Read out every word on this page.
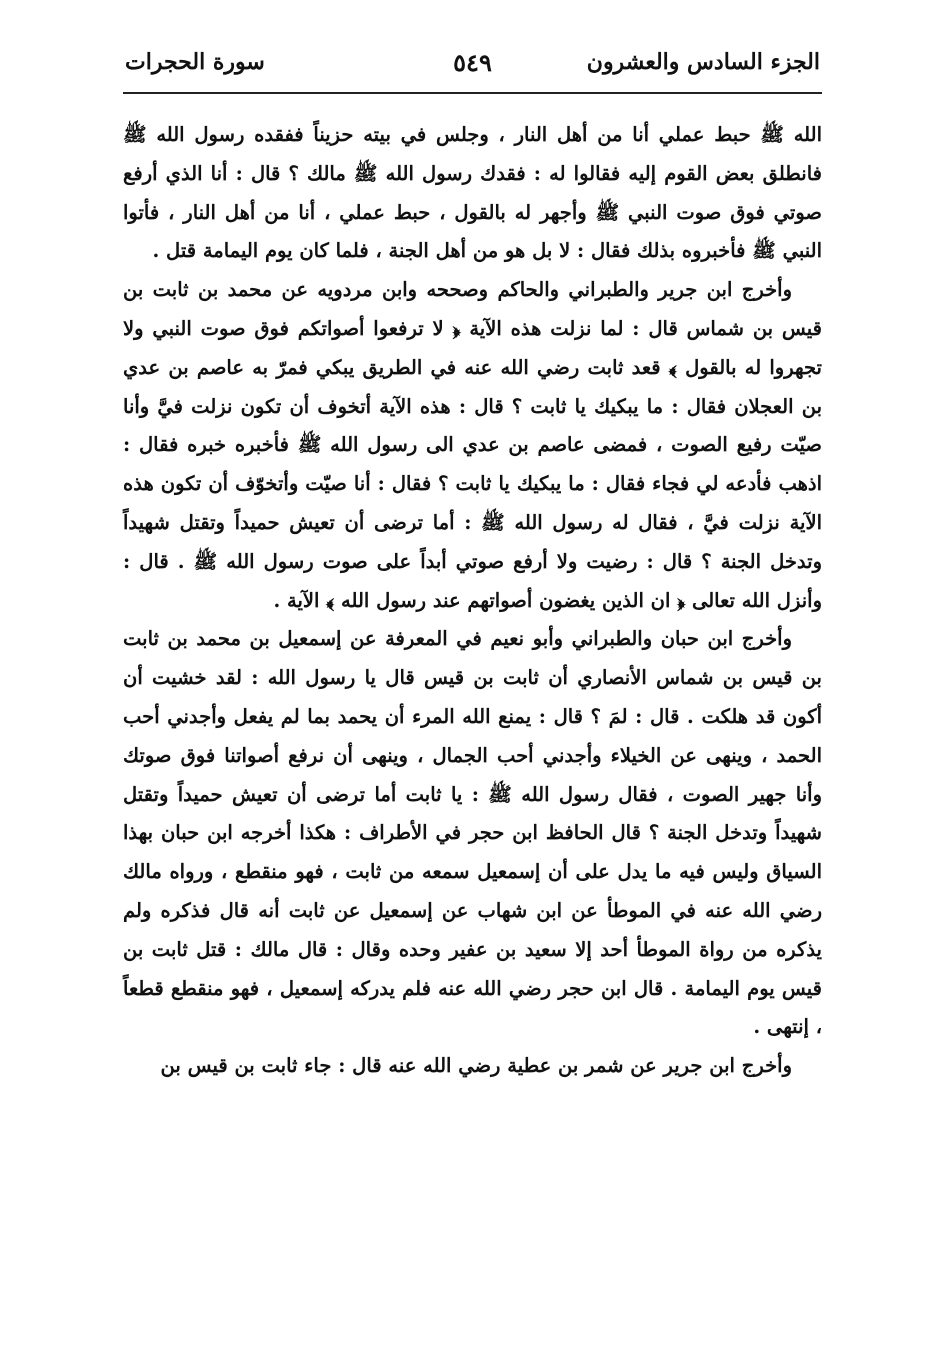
الجزء السادس والعشرون
٥٤٩
سورة الحجرات

الله ﷺ حبط عملي أنا من أهل النار ، وجلس في بيته حزيناً ففقده رسول الله ﷺ فانطلق بعض القوم إليه فقالوا له : فقدك رسول الله ﷺ مالك ؟ قال : أنا الذي أرفع صوتي فوق صوت النبي ﷺ وأجهر له بالقول ، حبط عملي ، أنا من أهل النار ، فأتوا النبي ﷺ فأخبروه بذلك فقال : لا بل هو من أهل الجنة ، فلما كان يوم اليمامة قتل .

وأخرج ابن جرير والطبراني والحاكم وصححه وابن مردويه عن محمد بن ثابت بن قيس بن شماس قال : لما نزلت هذه الآية ﴿ لا ترفعوا أصواتكم فوق صوت النبي ولا تجهروا له بالقول ﴾ قعد ثابت رضي الله عنه في الطريق يبكي فمرّ به عاصم بن عدي بن العجلان فقال : ما يبكيك يا ثابت ؟ قال : هذه الآية أتخوف أن تكون نزلت فيَّ وأنا صيّت رفيع الصوت ، فمضى عاصم بن عدي الى رسول الله ﷺ فأخبره خبره فقال : اذهب فأدعه لي فجاء فقال : ما يبكيك يا ثابت ؟ فقال : أنا صيّت وأتخوّف أن تكون هذه الآية نزلت فيَّ ، فقال له رسول الله ﷺ : أما ترضى أن تعيش حميداً وتقتل شهيداً وتدخل الجنة ؟ قال : رضيت ولا أرفع صوتي أبداً على صوت رسول الله ﷺ . قال : وأنزل الله تعالى ﴿ ان الذين يغضون أصواتهم عند رسول الله ﴾ الآية .

وأخرج ابن حبان والطبراني وأبو نعيم في المعرفة عن إسمعيل بن محمد بن ثابت بن قيس بن شماس الأنصاري أن ثابت بن قيس قال يا رسول الله : لقد خشيت أن أكون قد هلكت . قال : لمَ ؟ قال : يمنع الله المرء أن يحمد بما لم يفعل وأجدني أحب الحمد ، وينهى عن الخيلاء وأجدني أحب الجمال ، وينهى أن نرفع أصواتنا فوق صوتك وأنا جهير الصوت ، فقال رسول الله ﷺ : يا ثابت أما ترضى أن تعيش حميداً وتقتل شهيداً وتدخل الجنة ؟ قال الحافظ ابن حجر في الأطراف : هكذا أخرجه ابن حبان بهذا السياق وليس فيه ما يدل على أن إسمعيل سمعه من ثابت ، فهو منقطع ، ورواه مالك رضي الله عنه في الموطأ عن ابن شهاب عن إسمعيل عن ثابت أنه قال فذكره ولم يذكره من رواة الموطأ أحد إلا سعيد بن عفير وحده وقال : قال مالك : قتل ثابت بن قيس يوم اليمامة . قال ابن حجر رضي الله عنه فلم يدركه إسمعيل ، فهو منقطع قطعاً ، إنتهى .

وأخرج ابن جرير عن شمر بن عطية رضي الله عنه قال : جاء ثابت بن قيس بن
